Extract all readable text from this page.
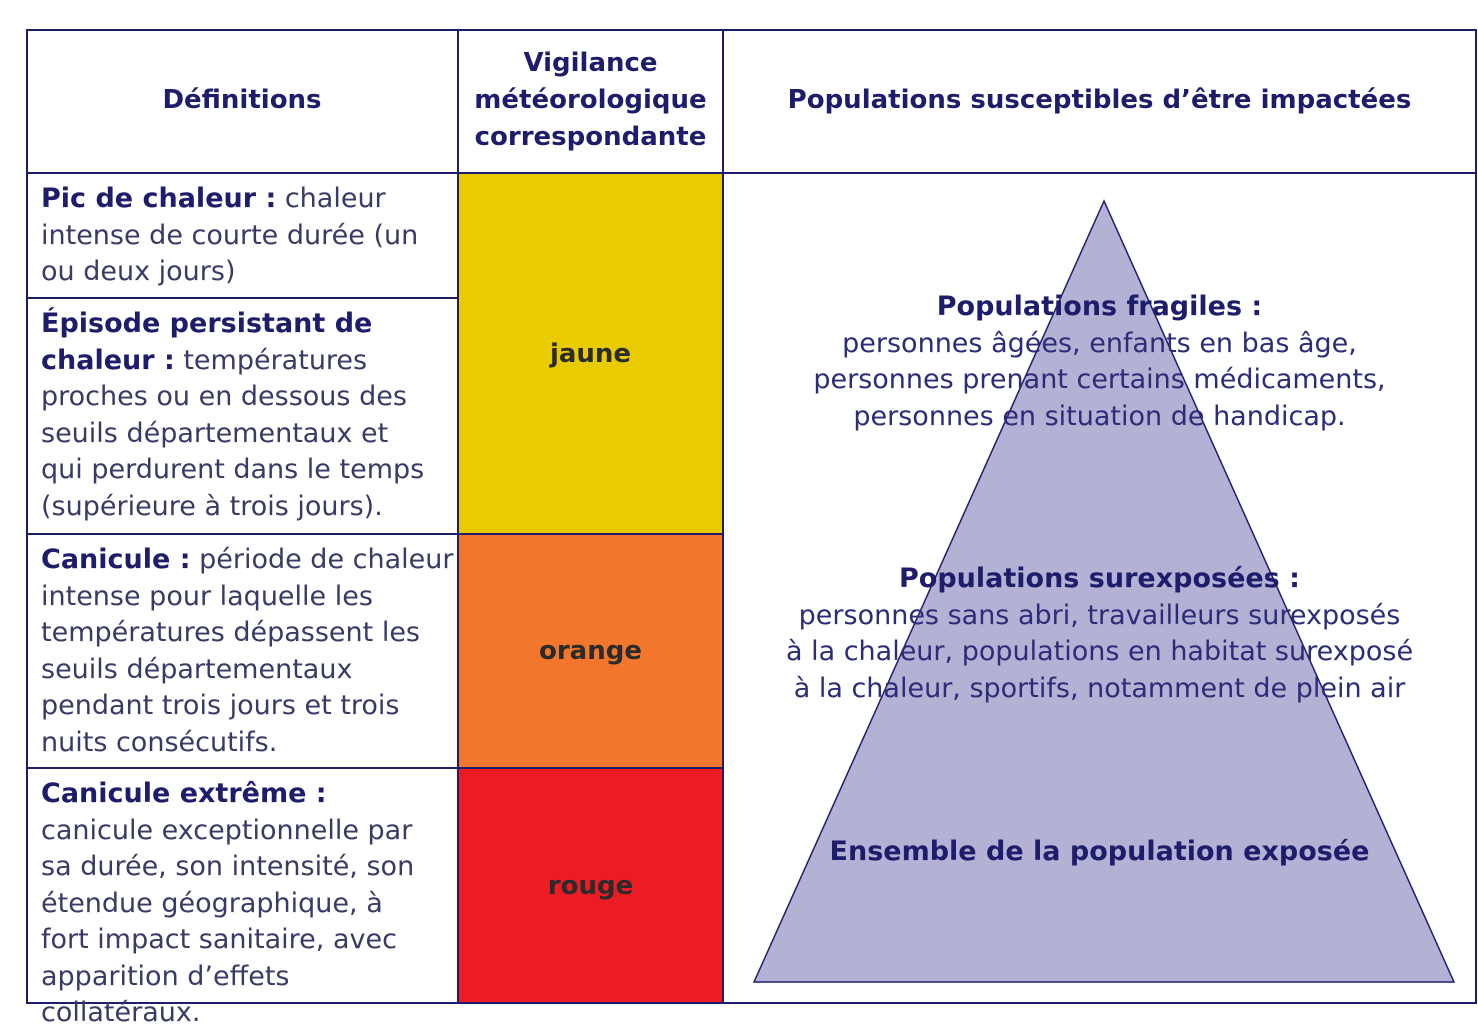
jaune
orange
rouge
Définitions
Vigilance
météorologique
correspondante
Populations susceptibles d’être impactées
Pic de chaleur : chaleur intense de courte durée (un ou deux jours)
Épisode persistant de chaleur : températures proches ou en dessous des seuils départementaux et qui perdurent dans le temps (supérieure à trois jours).
Canicule : période de chaleur intense pour laquelle les températures dépassent les seuils départementaux pendant trois jours et trois nuits consécutifs.
Canicule extrême : canicule exceptionnelle par sa durée, son intensité, son étendue géographique, à fort impact sanitaire, avec apparition d’effets collatéraux.
Populations fragiles :
personnes âgées, enfants en bas âge,
personnes prenant certains médicaments,
personnes en situation de handicap.
Populations surexposées :
personnes sans abri, travailleurs surexposés
à la chaleur, populations en habitat surexposé
à la chaleur, sportifs, notamment de plein air
Ensemble de la population exposée
